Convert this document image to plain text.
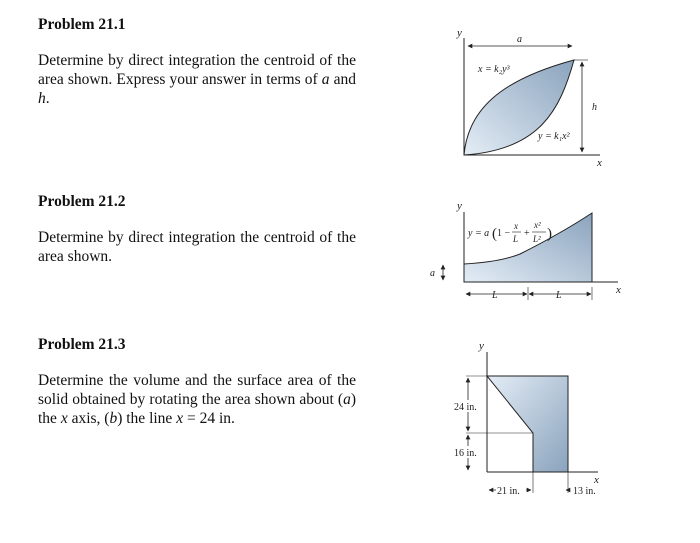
Problem 21.1
Determine by direct integration the centroid of the area shown. Express your answer in terms of a and h.
Problem 21.2
Determine by direct integration the centroid of the area shown.
Problem 21.3
Determine the volume and the surface area of the solid obtained by rotating the area shown about (a) the x axis, (b) the line x = 24 in.
y
x
a
h
x = k₂y³
y = k₁x²
y
x
a
L	L
y = a ( 1 −
x
L +
x²
L² )
y
x
24 in.
16 in.
21 in.	13 in.
